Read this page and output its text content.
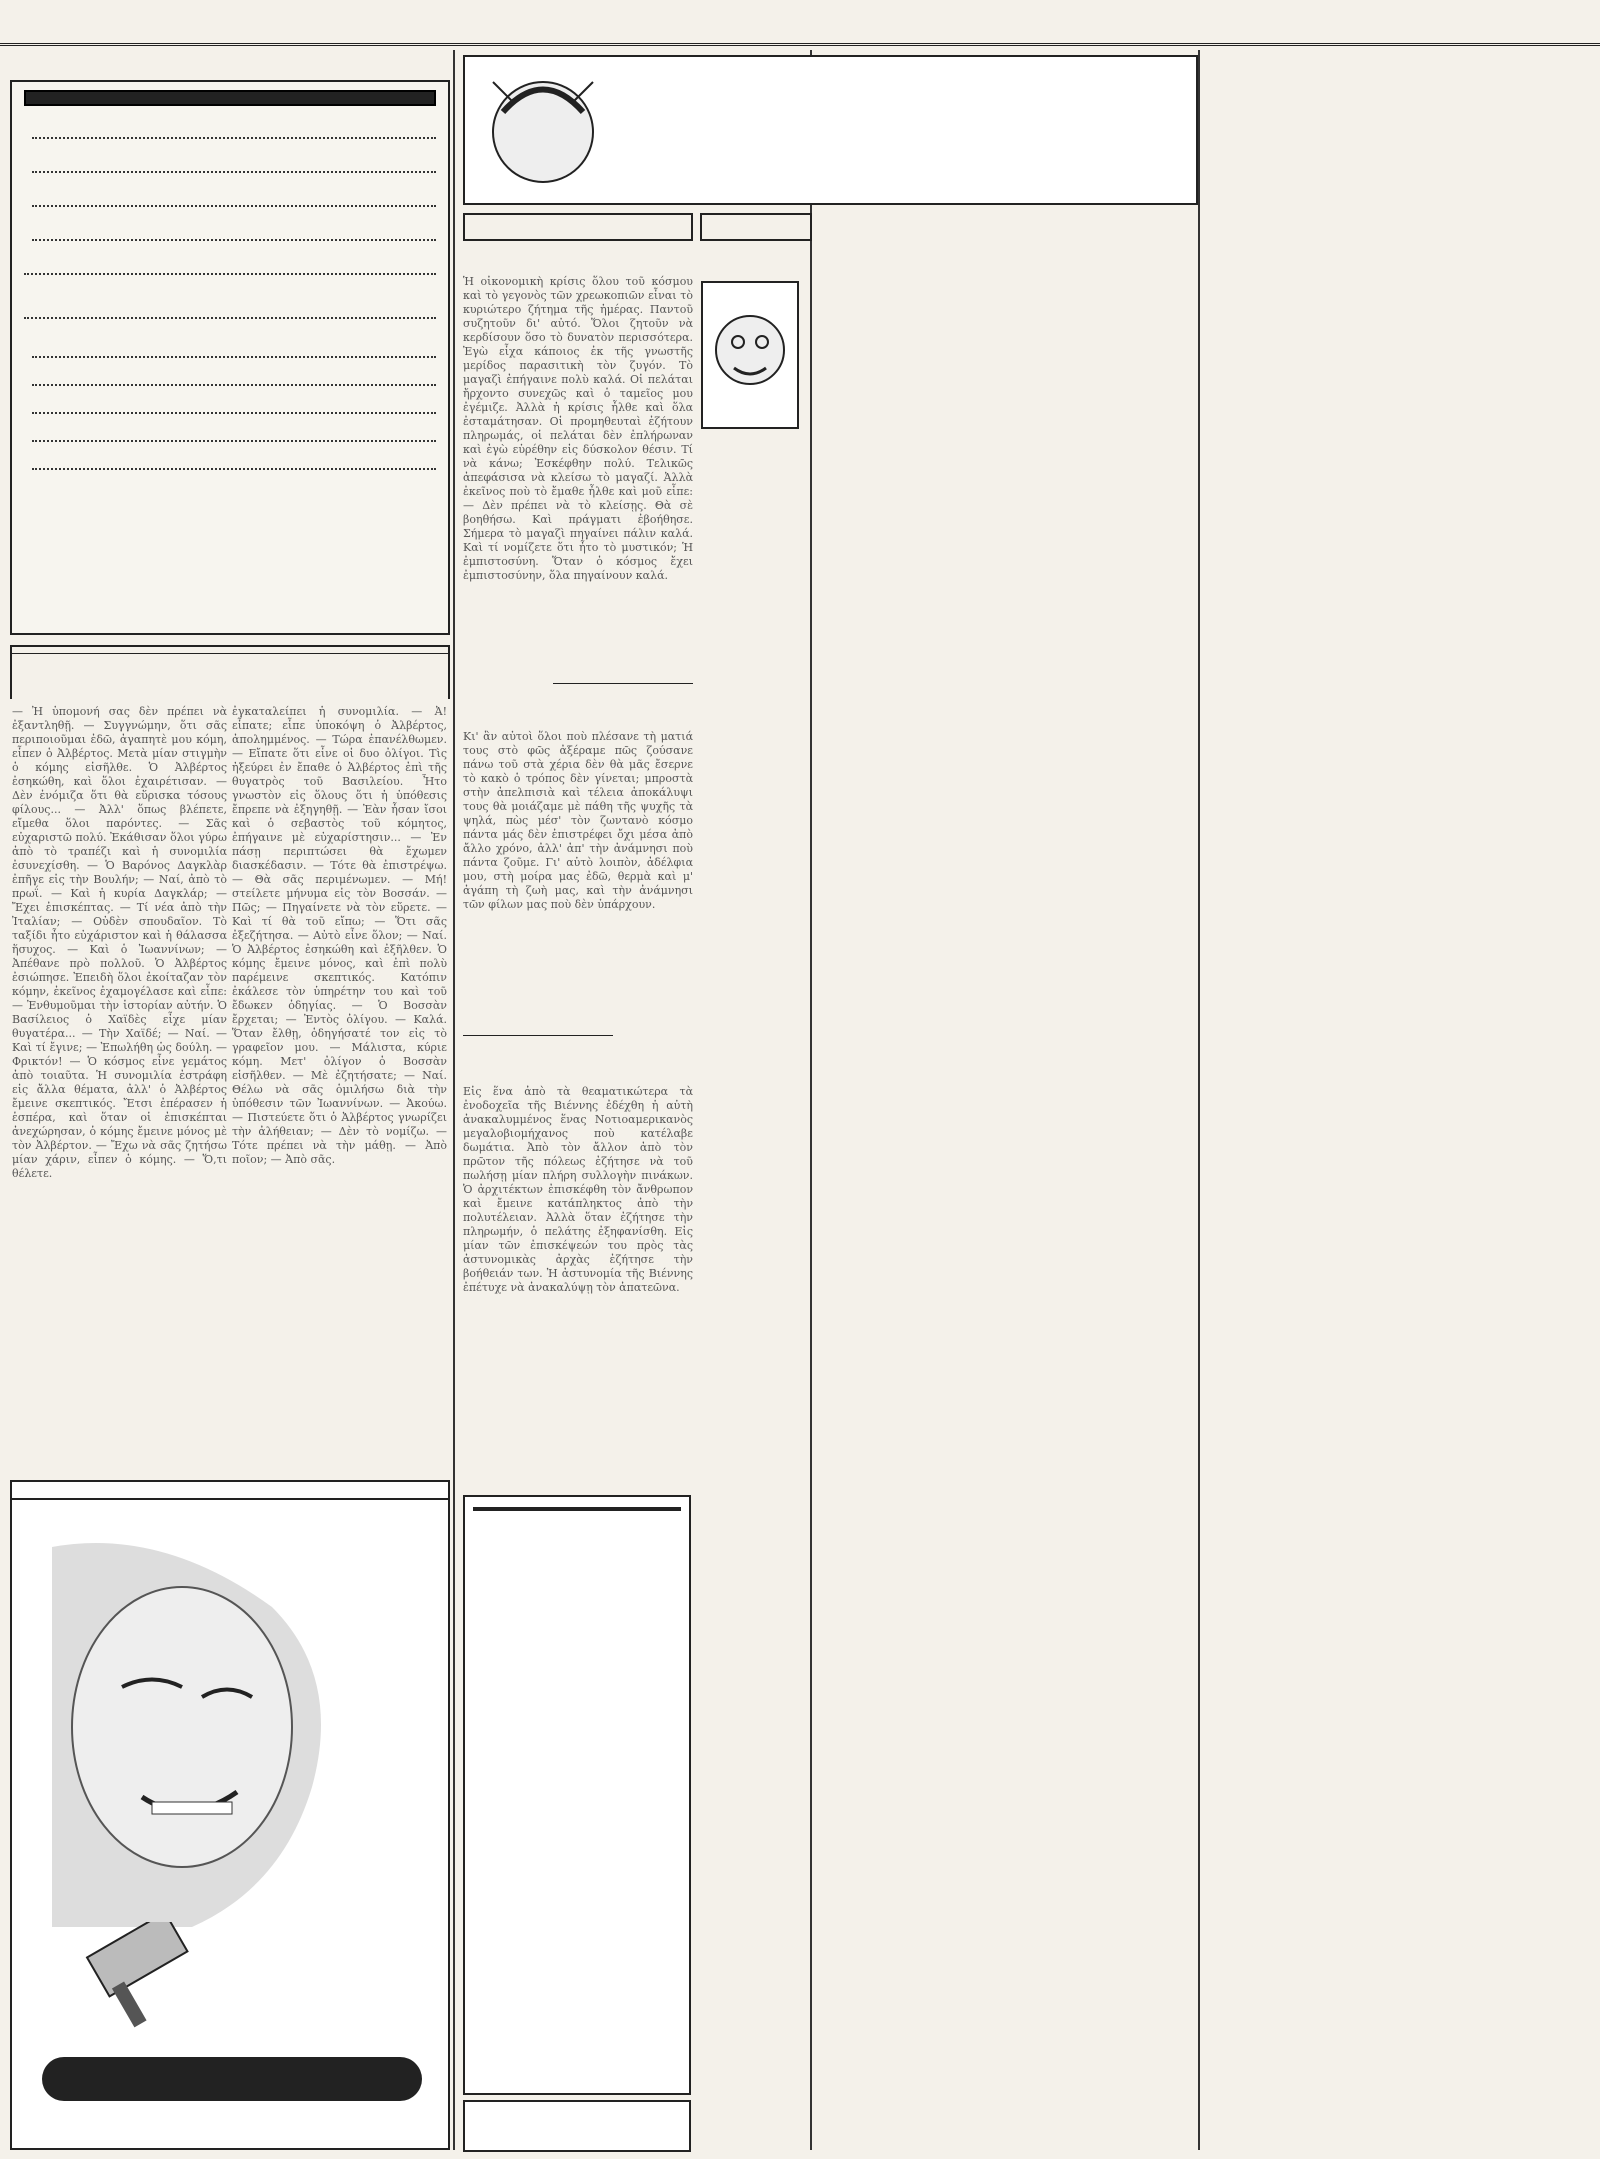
— Ἠ ὑπομονή σας δὲν πρέπει νὰ ἐξαντληθῇ. — Συγγνώμην, ὅτι σᾶς περιποιοῦμαι ἐδῶ, ἀγαπητὲ μου κόμη, εἶπεν ὁ Ἀλβέρτος. Μετὰ μίαν στιγμὴν ὁ κόμης εἰσῆλθε. Ὁ Ἀλβέρτος ἐσηκώθη, καὶ ὅλοι ἐχαιρέτισαν. — Δὲν ἐνόμιζα ὅτι θὰ εὕρισκα τόσους φίλους... — Ἀλλ' ὅπως βλέπετε, εἴμεθα ὅλοι παρόντες. — Σᾶς εὐχαριστῶ πολύ. Ἐκάθισαν ὅλοι γύρω ἀπὸ τὸ τραπέζι καὶ ἡ συνομιλία ἐσυνεχίσθη. — Ὁ Βαρόνος Δαγκλὰρ ἐπῆγε εἰς τὴν Βουλήν; — Ναί, ἀπὸ τὸ πρωΐ. — Καὶ ἡ κυρία Δαγκλάρ; — Ἔχει ἐπισκέπτας. — Τί νέα ἀπὸ τὴν Ἰταλίαν; — Οὐδὲν σπουδαῖον. Τὸ ταξίδι ἦτο εὐχάριστον καὶ ἡ θάλασσα ἥσυχος. — Καὶ ὁ Ἰωαννίνων; — Ἀπέθανε πρὸ πολλοῦ. Ὁ Ἀλβέρτος ἐσιώπησε. Ἐπειδὴ ὅλοι ἐκοίταζαν τὸν κόμην, ἐκεῖνος ἐχαμογέλασε καὶ εἶπε: — Ἐνθυμοῦμαι τὴν ἱστορίαν αὐτήν. Ὁ Βασίλειος ὁ Χαϊδὲς εἶχε μίαν θυγατέρα... — Τὴν Χαϊδέ; — Ναί. — Καὶ τί ἔγινε; — Ἐπωλήθη ὡς δούλη. — Φρικτόν! — Ὁ κόσμος εἶνε γεμάτος ἀπὸ τοιαῦτα. Ἡ συνομιλία ἐστράφη εἰς ἄλλα θέματα, ἀλλ' ὁ Ἀλβέρτος ἔμεινε σκεπτικός. Ἔτσι ἐπέρασεν ἡ ἑσπέρα, καὶ ὅταν οἱ ἐπισκέπται ἀνεχώρησαν, ὁ κόμης ἔμεινε μόνος μὲ τὸν Ἀλβέρτον. — Ἔχω νὰ σᾶς ζητήσω μίαν χάριν, εἶπεν ὁ κόμης. — Ὅ,τι θέλετε.
ἐγκαταλείπει ἡ συνομιλία. — Ἀ! εἶπατε; εἶπε ὑποκόψη ὁ Ἀλβέρτος, ἀπολημμένος. — Τώρα ἐπανέλθωμεν. — Εἴπατε ὅτι εἶνε οἱ δυο ὀλίγοι. Τὶς ἠξεύρει ἐν ἔπαθε ὁ Ἀλβέρτος ἐπὶ τῆς θυγατρὸς τοῦ Βασιλείου. Ἦτο γνωστὸν εἰς ὅλους ὅτι ἡ ὑπόθεσις ἔπρεπε νὰ ἐξηγηθῇ. — Ἐὰν ἦσαν ἴσοι καὶ ὁ σεβαστὸς τοῦ κόμητος, ἐπήγαινε μὲ εὐχαρίστησιν... — Ἐν πάσῃ περιπτώσει θὰ ἔχωμεν διασκέδασιν. — Τότε θὰ ἐπιστρέψω. — Θὰ σᾶς περιμένωμεν. — Μή! στείλετε μήνυμα εἰς τὸν Βοσσάν. — Πῶς; — Πηγαίνετε νὰ τὸν εὕρετε. — Καὶ τί θὰ τοῦ εἴπω; — Ὅτι σᾶς ἐξεζήτησα. — Αὐτὸ εἶνε ὅλον; — Ναί. Ὁ Ἀλβέρτος ἐσηκώθη καὶ ἐξῆλθεν. Ὁ κόμης ἔμεινε μόνος, καὶ ἐπὶ πολὺ παρέμεινε σκεπτικός. Κατόπιν ἐκάλεσε τὸν ὑπηρέτην του καὶ τοῦ ἔδωκεν ὁδηγίας. — Ὁ Βοσσὰν ἔρχεται; — Ἐντὸς ὀλίγου. — Καλά. Ὅταν ἔλθῃ, ὁδηγήσατέ τον εἰς τὸ γραφεῖον μου. — Μάλιστα, κύριε κόμη. Μετ' ὀλίγον ὁ Βοσσὰν εἰσῆλθεν. — Μὲ ἐζητήσατε; — Ναί. Θέλω νὰ σᾶς ὁμιλήσω διὰ τὴν ὑπόθεσιν τῶν Ἰωαννίνων. — Ἀκούω. — Πιστεύετε ὅτι ὁ Ἀλβέρτος γνωρίζει τὴν ἀλήθειαν; — Δὲν τὸ νομίζω. — Τότε πρέπει νὰ τὴν μάθῃ. — Ἀπὸ ποῖον; — Ἀπὸ σᾶς.
Ἡ οἰκονομικὴ κρίσις ὅλου τοῦ κόσμου καὶ τὸ γεγονὸς τῶν χρεωκοπιῶν εἶναι τὸ κυριώτερο ζήτημα τῆς ἡμέρας. Παντοῦ συζητοῦν δι' αὐτό. Ὅλοι ζητοῦν νὰ κερδίσουν ὅσο τὸ δυνατὸν περισσότερα. Ἐγὼ εἶχα κάποιος ἐκ τῆς γνωστῆς μερίδος παρασιτικὴ τὸν ζυγόν. Τὸ μαγαζὶ ἐπήγαινε πολὺ καλά. Οἱ πελάται ἤρχοντο συνεχῶς καὶ ὁ ταμεῖος μου ἐγέμιζε. Ἀλλὰ ἡ κρίσις ἦλθε καὶ ὅλα ἐσταμάτησαν. Οἱ προμηθευταὶ ἐζήτουν πληρωμάς, οἱ πελάται δὲν ἐπλήρωναν καὶ ἐγὼ εὑρέθην εἰς δύσκολον θέσιν. Τί νὰ κάνω; Ἐσκέφθην πολύ. Τελικῶς ἀπεφάσισα νὰ κλείσω τὸ μαγαζί. Ἀλλὰ ἐκεῖνος ποὺ τὸ ἔμαθε ἦλθε καὶ μοῦ εἶπε: — Δὲν πρέπει νὰ τὸ κλείσῃς. Θὰ σὲ βοηθήσω. Καὶ πράγματι ἐβοήθησε. Σήμερα τὸ μαγαζὶ πηγαίνει πάλιν καλά. Καὶ τί νομίζετε ὅτι ἦτο τὸ μυστικόν; Ἡ ἐμπιστοσύνη. Ὅταν ὁ κόσμος ἔχει ἐμπιστοσύνην, ὅλα πηγαίνουν καλά.
Κι' ἂν αὐτοὶ ὅλοι ποὺ πλέσανε τὴ ματιά τους στὸ φῶς ἀξέραμε πῶς ζούσανε πάνω τοῦ στὰ χέρια δὲν θὰ μᾶς ἔσερνε τὸ κακὸ ὁ τρόπος δὲν γίνεται; μπροστὰ στὴν ἀπελπισιὰ καὶ τέλεια ἀποκάλυψι τους θὰ μοιάζαμε μὲ πάθη τῆς ψυχῆς τὰ ψηλά, πὼς μέσ' τὸν ζωντανὸ κόσμο πάντα μάς δὲν ἐπιστρέφει ὄχι μέσα ἀπὸ ἄλλο χρόνο, ἀλλ' ἀπ' τὴν ἀνάμνησι ποὺ πάντα ζοῦμε. Γι' αὐτὸ λοιπὸν, ἀδέλφια μου, στὴ μοίρα μας ἐδῶ, θερμὰ καὶ μ' ἀγάπη τὴ ζωὴ μας, καὶ τὴν ἀνάμνησι τῶν φίλων μας ποὺ δὲν ὑπάρχουν.
Εἰς ἕνα ἀπὸ τὰ θεαματικώτερα τὰ ἐνοδοχεῖα τῆς Βιέννης ἐδέχθη ἡ αὐτὴ ἀνακαλυμμένος ἕνας Νοτιοαμερικανὸς μεγαλοβιομήχανος ποὺ κατέλαβε δωμάτια. Ἀπὸ τὸν ἄλλον ἀπὸ τὸν πρῶτον τῆς πόλεως ἐζήτησε νὰ τοῦ πωλήσῃ μίαν πλήρη συλλογὴν πινάκων. Ὁ ἀρχιτέκτων ἐπισκέφθη τὸν ἄνθρωπον καὶ ἔμεινε κατάπληκτος ἀπὸ τὴν πολυτέλειαν. Ἀλλὰ ὅταν ἐζήτησε τὴν πληρωμήν, ὁ πελάτης ἐξηφανίσθη. Εἰς μίαν τῶν ἐπισκέψεών του πρὸς τὰς ἀστυνομικὰς ἀρχὰς ἐζήτησε τὴν βοήθειάν των. Ἡ ἀστυνομία τῆς Βιέννης ἐπέτυχε νὰ ἀνακαλύψῃ τὸν ἀπατεῶνα.
